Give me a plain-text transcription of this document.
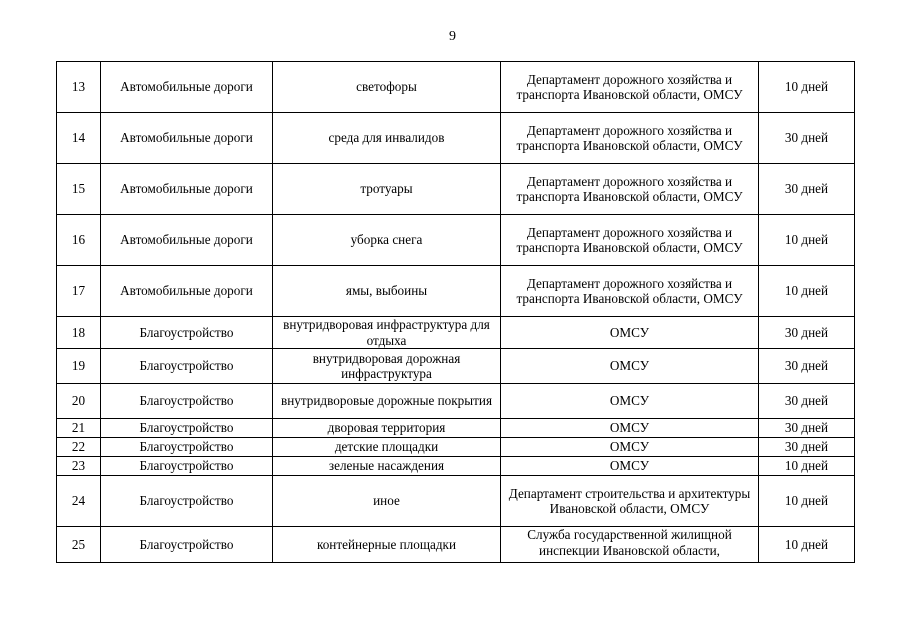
9
13	Автомобильные дороги	светофоры	Департамент дорожного хозяйства и транспорта Ивановской области, ОМСУ	10 дней
14	Автомобильные дороги	среда для инвалидов	Департамент дорожного хозяйства и транспорта Ивановской области, ОМСУ	30 дней
15	Автомобильные дороги	тротуары	Департамент дорожного хозяйства и транспорта Ивановской области, ОМСУ	30 дней
16	Автомобильные дороги	уборка снега	Департамент дорожного хозяйства и транспорта Ивановской области, ОМСУ	10 дней
17	Автомобильные дороги	ямы, выбоины	Департамент дорожного хозяйства и транспорта Ивановской области, ОМСУ	10 дней
18	Благоустройство	внутридворовая инфраструктура для отдыха	ОМСУ	30 дней
19	Благоустройство	внутридворовая дорожная инфраструктура	ОМСУ	30 дней
20	Благоустройство	внутридворовые дорожные покрытия	ОМСУ	30 дней
21	Благоустройство	дворовая территория	ОМСУ	30 дней
22	Благоустройство	детские площадки	ОМСУ	30 дней
23	Благоустройство	зеленые насаждения	ОМСУ	10 дней
24	Благоустройство	иное	Департамент строительства и архитектуры Ивановской области, ОМСУ	10 дней
25	Благоустройство	контейнерные площадки	Служба государственной жилищной инспекции Ивановской области,	10 дней
